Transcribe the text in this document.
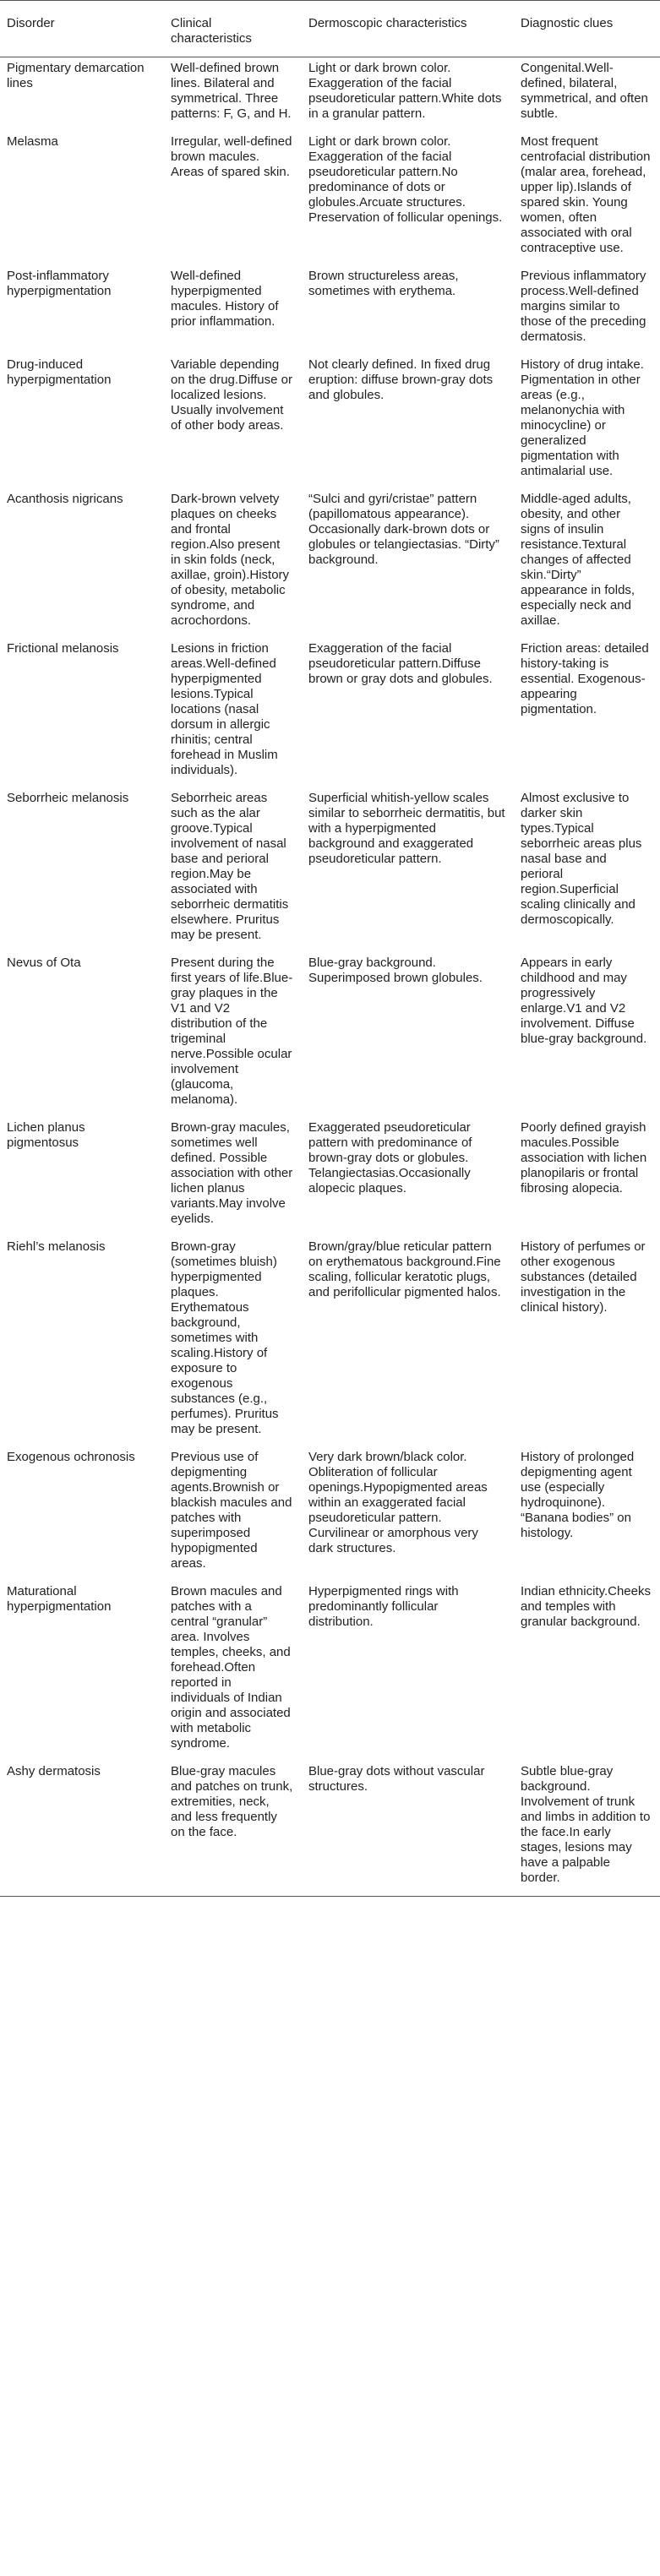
Disorder	Clinical characteristics	Dermoscopic characteristics	Diagnostic clues
Pigmentary demarcation lines	Well-defined brown lines. Bilateral and symmetrical. Three patterns: F, G, and H.	Light or dark brown color. Exaggeration of the facial pseudoreticular pattern.White dots in a granular pattern.	Congenital.Well-defined, bilateral, symmetrical, and often subtle.
Melasma	Irregular, well-defined brown macules. Areas of spared skin.	Light or dark brown color. Exaggeration of the facial pseudoreticular pattern.No predominance of dots or globules.Arcuate structures. Preservation of follicular openings.	Most frequent centrofacial distribution (malar area, forehead, upper lip).Islands of spared skin. Young women, often associated with oral contraceptive use.
Post-inflammatory hyperpigmentation	Well-defined hyperpigmented macules. History of prior inflammation.	Brown structureless areas, sometimes with erythema.	Previous inflammatory process.Well-defined margins similar to those of the preceding dermatosis.
Drug-induced hyperpigmentation	Variable depending on the drug.Diffuse or localized lesions. Usually involvement of other body areas.	Not clearly defined. In fixed drug eruption: diffuse brown-gray dots and globules.	History of drug intake. Pigmentation in other areas (e.g., melanonychia with minocycline) or generalized pigmentation with antimalarial use.
Acanthosis nigricans	Dark-brown velvety plaques on cheeks and frontal region.Also present in skin folds (neck, axillae, groin).History of obesity, metabolic syndrome, and acrochordons.	“Sulci and gyri/cristae” pattern (papillomatous appearance). Occasionally dark-brown dots or globules or telangiectasias. “Dirty” background.	Middle-aged adults, obesity, and other signs of insulin resistance.Textural changes of affected skin.“Dirty” appearance in folds, especially neck and axillae.
Frictional melanosis	Lesions in friction areas.Well-defined hyperpigmented lesions.Typical locations (nasal dorsum in allergic rhinitis; central forehead in Muslim individuals).	Exaggeration of the facial pseudoreticular pattern.Diffuse brown or gray dots and globules.	Friction areas: detailed history-taking is essential. Exogenous-appearing pigmentation.
Seborrheic melanosis	Seborrheic areas such as the alar groove.Typical involvement of nasal base and perioral region.May be associated with seborrheic dermatitis elsewhere. Pruritus may be present.	Superficial whitish-yellow scales similar to seborrheic dermatitis, but with a hyperpigmented background and exaggerated pseudoreticular pattern.	Almost exclusive to darker skin types.Typical seborrheic areas plus nasal base and perioral region.Superficial scaling clinically and dermoscopically.
Nevus of Ota	Present during the first years of life.Blue-gray plaques in the V1 and V2 distribution of the trigeminal nerve.Possible ocular involvement (glaucoma, melanoma).	Blue-gray background. Superimposed brown globules.	Appears in early childhood and may progressively enlarge.V1 and V2 involvement. Diffuse blue-gray background.
Lichen planus pigmentosus	Brown-gray macules, sometimes well defined. Possible association with other lichen planus variants.May involve eyelids.	Exaggerated pseudoreticular pattern with predominance of brown-gray dots or globules. Telangiectasias.Occasionally alopecic plaques.	Poorly defined grayish macules.Possible association with lichen planopilaris or frontal fibrosing alopecia.
Riehl’s melanosis	Brown-gray (sometimes bluish) hyperpigmented plaques. Erythematous background, sometimes with scaling.History of exposure to exogenous substances (e.g., perfumes). Pruritus may be present.	Brown/gray/blue reticular pattern on erythematous background.Fine scaling, follicular keratotic plugs, and perifollicular pigmented halos.	History of perfumes or other exogenous substances (detailed investigation in the clinical history).
Exogenous ochronosis	Previous use of depigmenting agents.Brownish or blackish macules and patches with superimposed hypopigmented areas.	Very dark brown/black color. Obliteration of follicular openings.Hypopigmented areas within an exaggerated facial pseudoreticular pattern. Curvilinear or amorphous very dark structures.	History of prolonged depigmenting agent use (especially hydroquinone). “Banana bodies” on histology.
Maturational hyperpigmentation	Brown macules and patches with a central “granular” area. Involves temples, cheeks, and forehead.Often reported in individuals of Indian origin and associated with metabolic syndrome.	Hyperpigmented rings with predominantly follicular distribution.	Indian ethnicity.Cheeks and temples with granular background.
Ashy dermatosis	Blue-gray macules and patches on trunk, extremities, neck, and less frequently on the face.	Blue-gray dots without vascular structures.	Subtle blue-gray background. Involvement of trunk and limbs in addition to the face.In early stages, lesions may have a palpable border.
